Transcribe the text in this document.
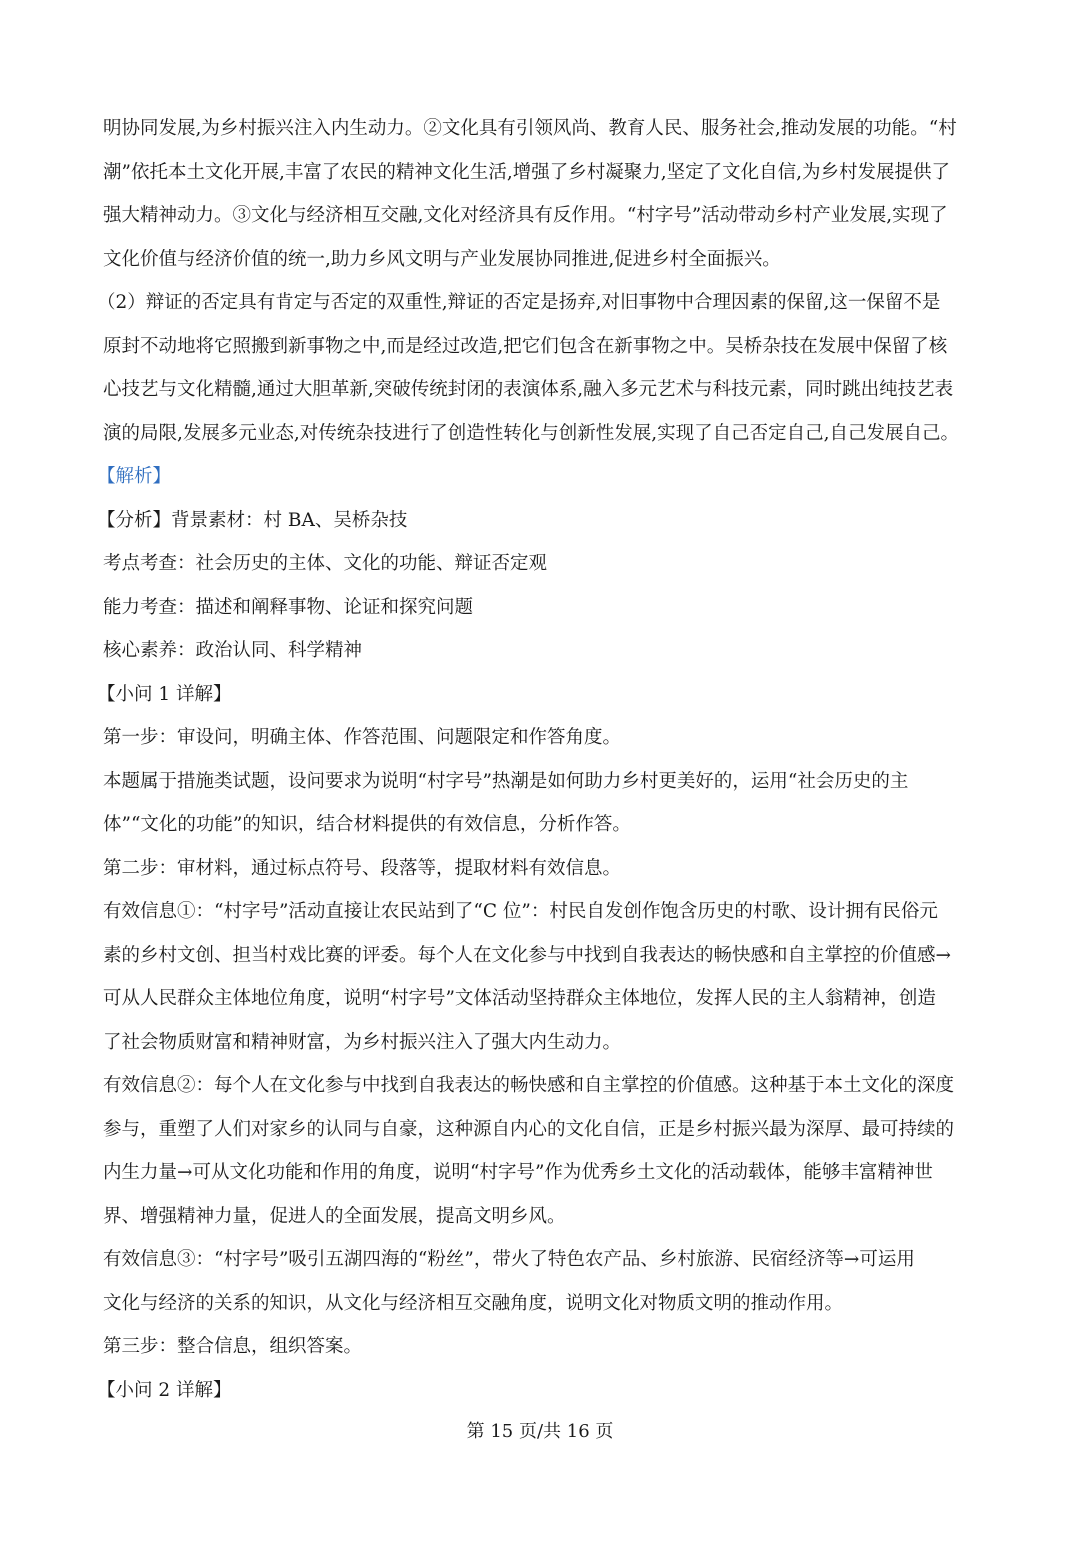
明协同发展,为乡村振兴注入内生动力。②文化具有引领风尚、教育人民、服务社会,推动发展的功能。“村
潮”依托本土文化开展,丰富了农民的精神文化生活,增强了乡村凝聚力,坚定了文化自信,为乡村发展提供了
强大精神动力。③文化与经济相互交融,文化对经济具有反作用。“村字号”活动带动乡村产业发展,实现了
文化价值与经济价值的统一,助力乡风文明与产业发展协同推进,促进乡村全面振兴。
（2）辩证的否定具有肯定与否定的双重性,辩证的否定是扬弃,对旧事物中合理因素的保留,这一保留不是
原封不动地将它照搬到新事物之中,而是经过改造,把它们包含在新事物之中。吴桥杂技在发展中保留了核
心技艺与文化精髓,通过大胆革新,突破传统封闭的表演体系,融入多元艺术与科技元素，同时跳出纯技艺表
演的局限,发展多元业态,对传统杂技进行了创造性转化与创新性发展,实现了自己否定自己,自己发展自己。
【解析】
【分析】背景素材：村 BA、吴桥杂技
考点考查：社会历史的主体、文化的功能、辩证否定观
能力考查：描述和阐释事物、论证和探究问题
核心素养：政治认同、科学精神
【小问 1 详解】
第一步：审设问，明确主体、作答范围、问题限定和作答角度。
本题属于措施类试题，设问要求为说明“村字号”热潮是如何助力乡村更美好的，运用“社会历史的主
体”“文化的功能”的知识，结合材料提供的有效信息，分析作答。
第二步：审材料，通过标点符号、段落等，提取材料有效信息。
有效信息①：“村字号”活动直接让农民站到了“C 位”：村民自发创作饱含历史的村歌、设计拥有民俗元
素的乡村文创、担当村戏比赛的评委。每个人在文化参与中找到自我表达的畅快感和自主掌控的价值感→
可从人民群众主体地位角度，说明“村字号”文体活动坚持群众主体地位，发挥人民的主人翁精神，创造
了社会物质财富和精神财富，为乡村振兴注入了强大内生动力。
有效信息②：每个人在文化参与中找到自我表达的畅快感和自主掌控的价值感。这种基于本土文化的深度
参与，重塑了人们对家乡的认同与自豪，这种源自内心的文化自信，正是乡村振兴最为深厚、最可持续的
内生力量→可从文化功能和作用的角度，说明“村字号”作为优秀乡土文化的活动载体，能够丰富精神世
界、增强精神力量，促进人的全面发展，提高文明乡风。
有效信息③：“村字号”吸引五湖四海的“粉丝”，带火了特色农产品、乡村旅游、民宿经济等→可运用
文化与经济的关系的知识，从文化与经济相互交融角度，说明文化对物质文明的推动作用。
第三步：整合信息，组织答案。
【小问 2 详解】
第 15 页/共 16 页
